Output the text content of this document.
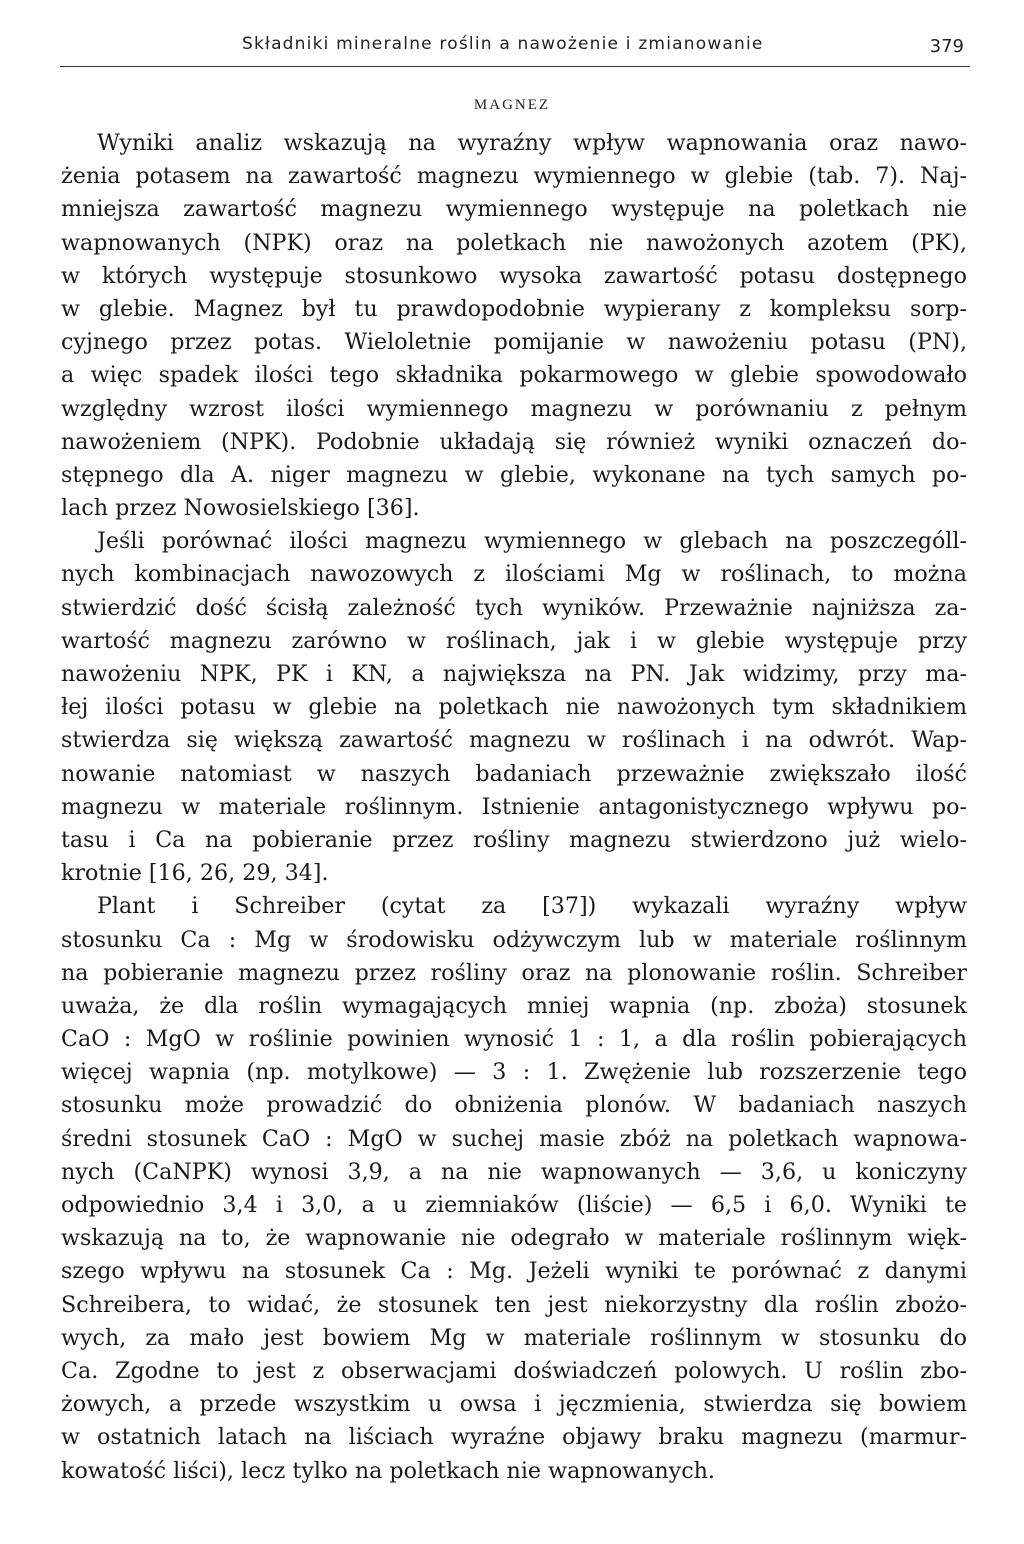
Składniki mineralne roślin a nawożenie i zmianowanie	379
MAGNEZ
Wyniki analiz wskazują na wyraźny wpływ wapnowania oraz nawo-
żenia potasem na zawartość magnezu wymiennego w glebie (tab. 7). Naj-
mniejsza zawartość magnezu wymiennego występuje na poletkach nie
wapnowanych (NPK) oraz na poletkach nie nawożonych azotem (PK),
w których występuje stosunkowo wysoka zawartość potasu dostępnego
w glebie. Magnez był tu prawdopodobnie wypierany z kompleksu sorp-
cyjnego przez potas. Wieloletnie pomijanie w nawożeniu potasu (PN),
a więc spadek ilości tego składnika pokarmowego w glebie spowodowało
względny wzrost ilości wymiennego magnezu w porównaniu z pełnym
nawożeniem (NPK). Podobnie układają się również wyniki oznaczeń do-
stępnego dla A. niger magnezu w glebie, wykonane na tych samych po-
lach przez Nowosielskiego [36].
Jeśli porównać ilości magnezu wymiennego w glebach na poszczególl-
nych kombinacjach nawozowych z ilościami Mg w roślinach, to można
stwierdzić dość ścisłą zależność tych wyników. Przeważnie najniższa za-
wartość magnezu zarówno w roślinach, jak i w glebie występuje przy
nawożeniu NPK, PK i KN, a największa na PN. Jak widzimy, przy ma-
łej ilości potasu w glebie na poletkach nie nawożonych tym składnikiem
stwierdza się większą zawartość magnezu w roślinach i na odwrót. Wap-
nowanie natomiast w naszych badaniach przeważnie zwiększało ilość
magnezu w materiale roślinnym. Istnienie antagonistycznego wpływu po-
tasu i Ca na pobieranie przez rośliny magnezu stwierdzono już wielo-
krotnie [16, 26, 29, 34].
Plant i Schreiber (cytat za [37]) wykazali wyraźny wpływ
stosunku Ca : Mg w środowisku odżywczym lub w materiale roślinnym
na pobieranie magnezu przez rośliny oraz na plonowanie roślin. Schreiber
uważa, że dla roślin wymagających mniej wapnia (np. zboża) stosunek
CaO : MgO w roślinie powinien wynosić 1 : 1, a dla roślin pobierających
więcej wapnia (np. motylkowe) — 3 : 1. Zwężenie lub rozszerzenie tego
stosunku może prowadzić do obniżenia plonów. W badaniach naszych
średni stosunek CaO : MgO w suchej masie zbóż na poletkach wapnowa-
nych (CaNPK) wynosi 3,9, a na nie wapnowanych — 3,6, u koniczyny
odpowiednio 3,4 i 3,0, a u ziemniaków (liście) — 6,5 i 6,0. Wyniki te
wskazują na to, że wapnowanie nie odegrało w materiale roślinnym więk-
szego wpływu na stosunek Ca : Mg. Jeżeli wyniki te porównać z danymi
Schreibera, to widać, że stosunek ten jest niekorzystny dla roślin zbożo-
wych, za mało jest bowiem Mg w materiale roślinnym w stosunku do
Ca. Zgodne to jest z obserwacjami doświadczeń polowych. U roślin zbo-
żowych, a przede wszystkim u owsa i jęczmienia, stwierdza się bowiem
w ostatnich latach na liściach wyraźne objawy braku magnezu (marmur-
kowatość liści), lecz tylko na poletkach nie wapnowanych.
